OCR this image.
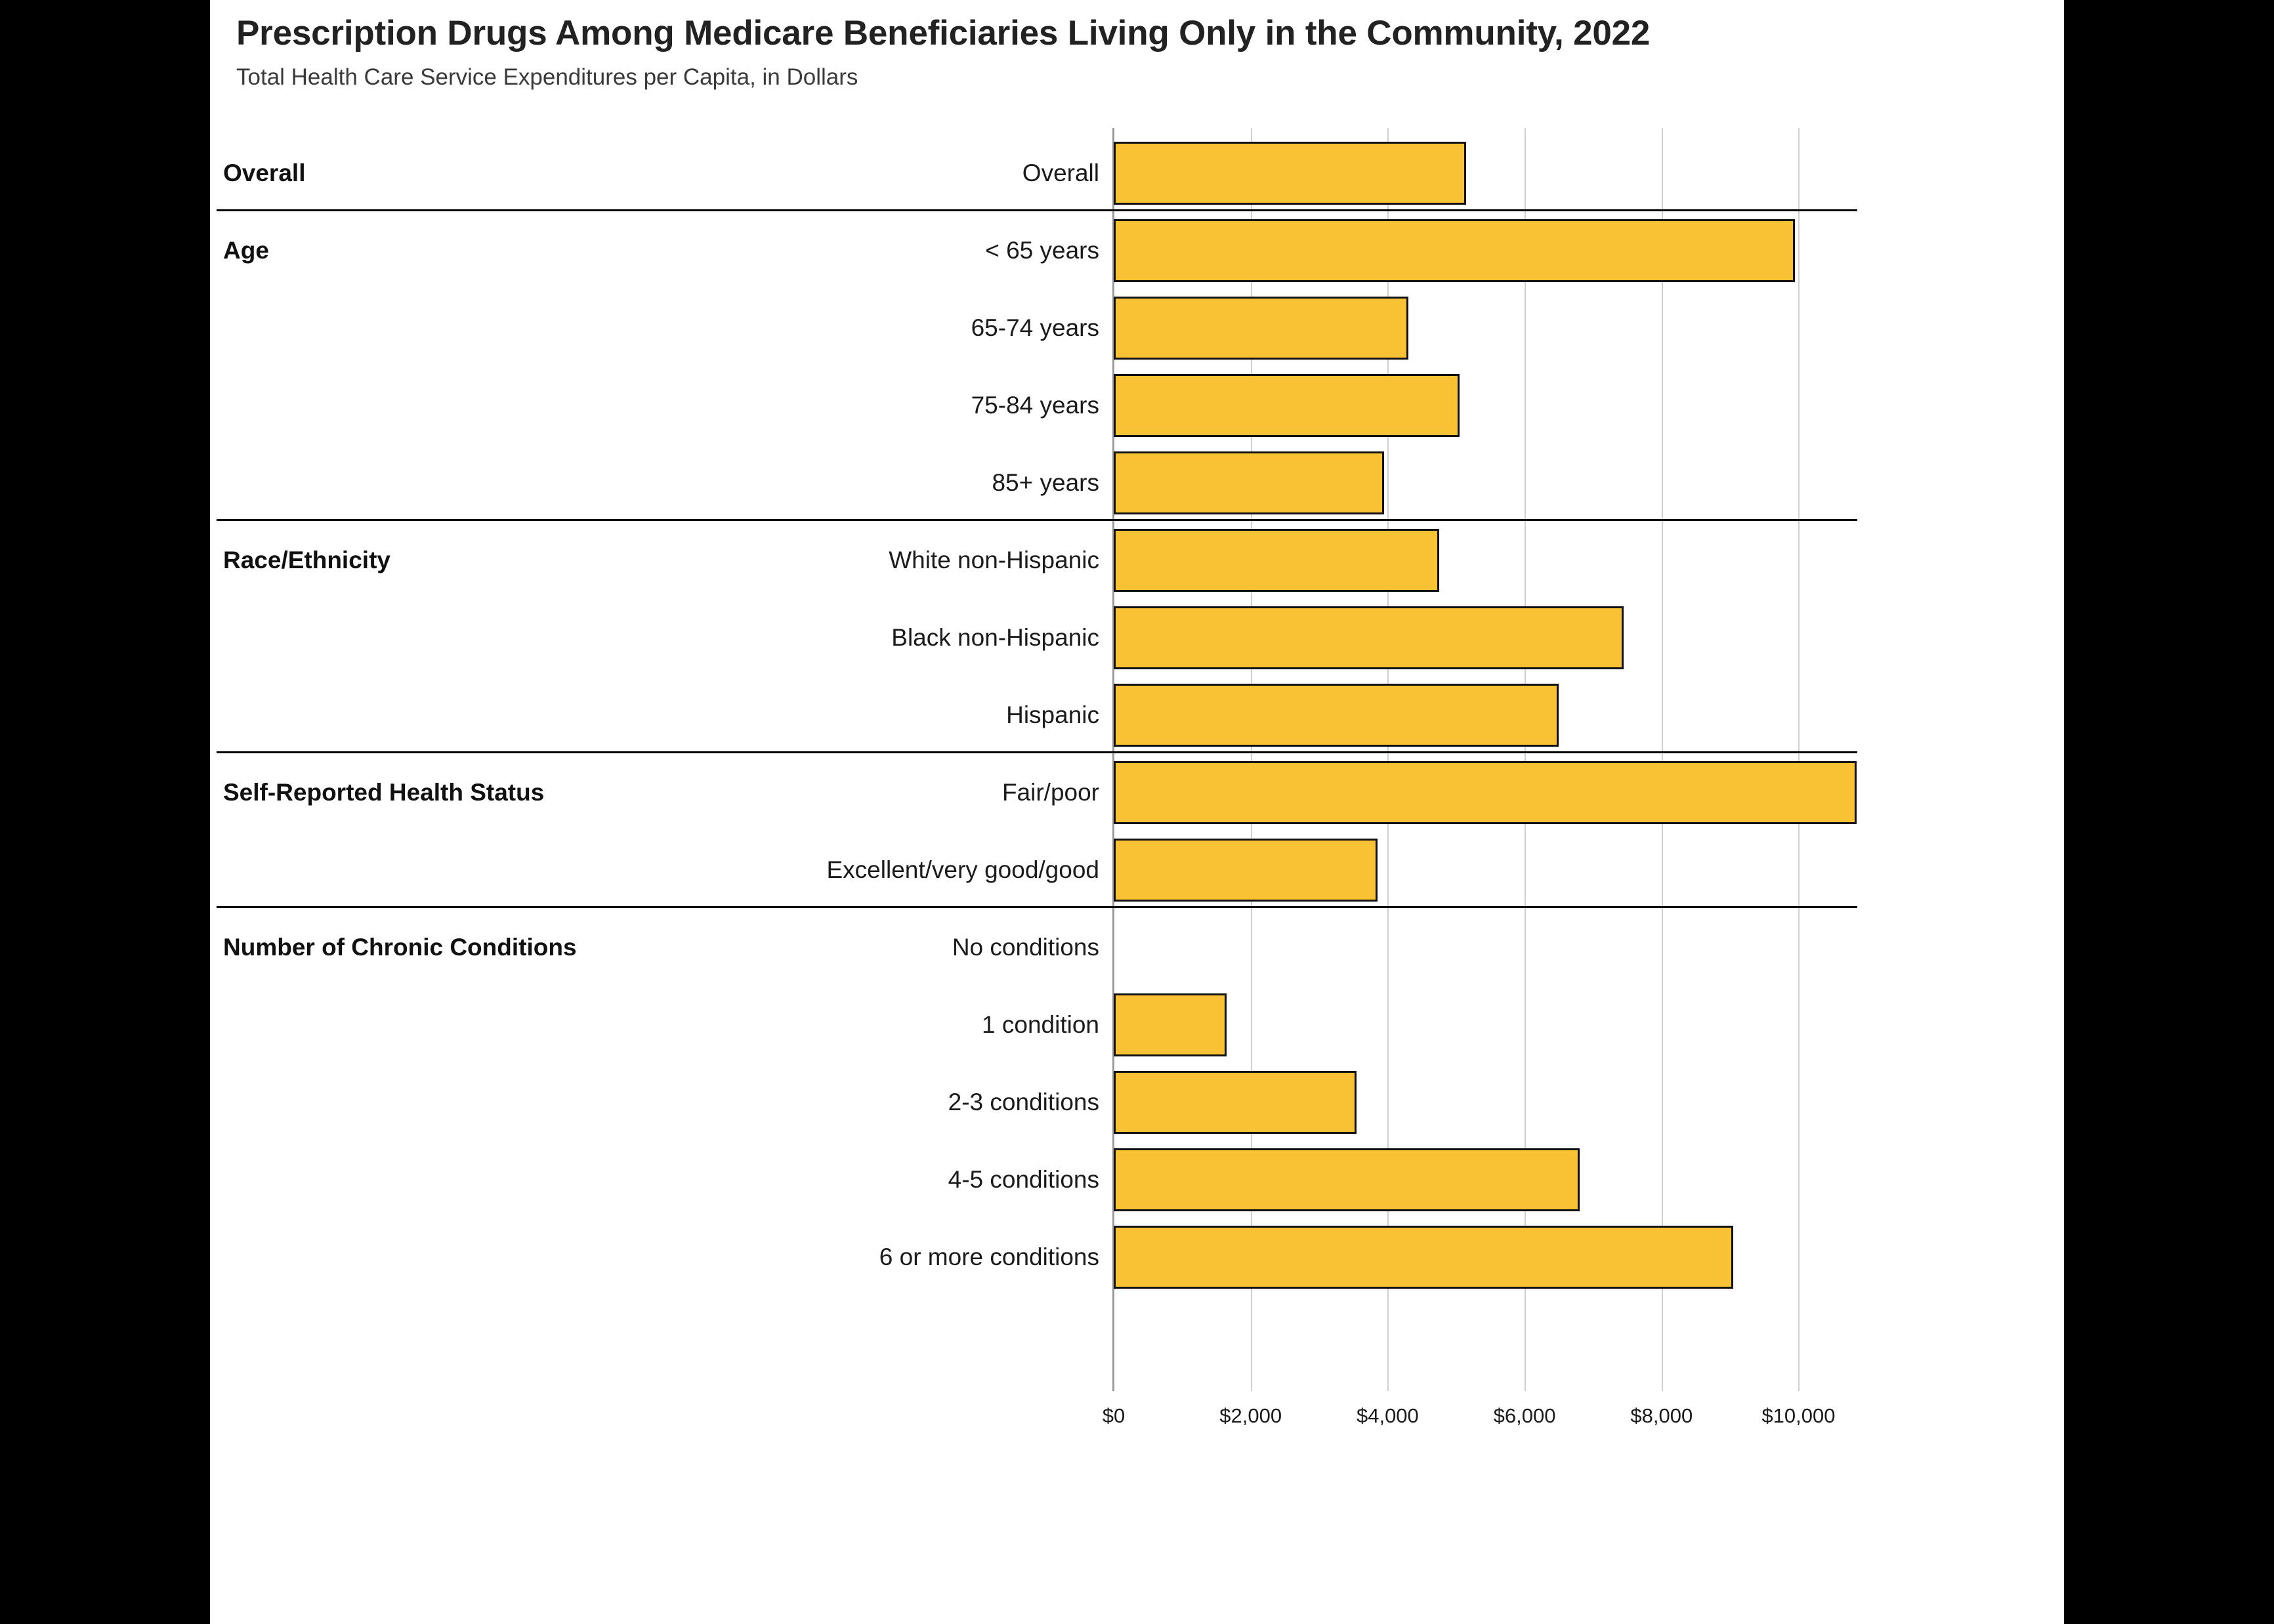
Prescription Drugs Among Medicare Beneficiaries Living Only in the Community, 2022
Total Health Care Service Expenditures per Capita, in Dollars
Overall	Overall
Age	< 65 years
65-74 years
75-84 years
85+ years
Race/Ethnicity	White non-Hispanic
Black non-Hispanic
Hispanic
Self-Reported Health Status	Fair/poor
Excellent/very good/good
Number of Chronic Conditions	No conditions
1 condition
2-3 conditions
4-5 conditions
6 or more conditions
$0	$2,000	$4,000	$6,000	$8,000	$10,000
